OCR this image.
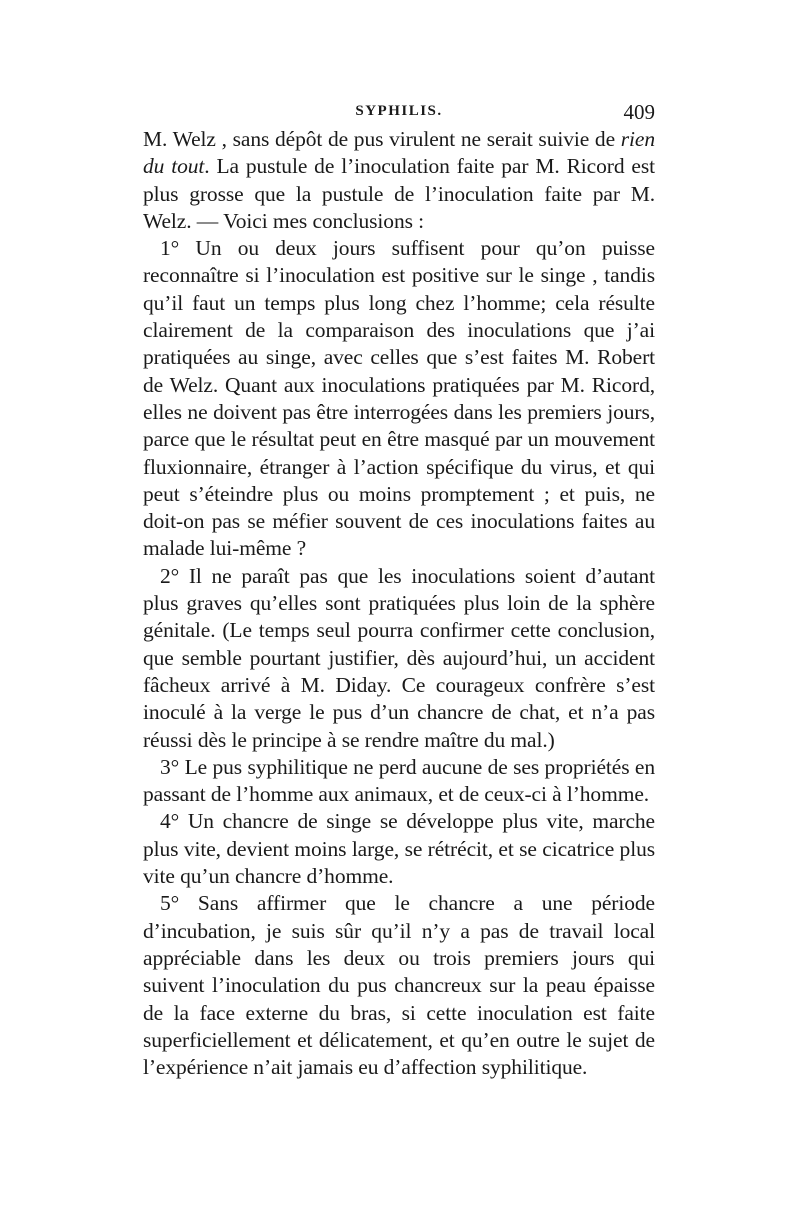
SYPHILIS.	409

M. Welz , sans dépôt de pus virulent ne serait suivie de rien du tout. La pustule de l’inoculation faite par M. Ricord est plus grosse que la pustule de l’inoculation faite par M. Welz. — Voici mes conclusions :

1° Un ou deux jours suffisent pour qu’on puisse reconnaître si l’inoculation est positive sur le singe , tandis qu’il faut un temps plus long chez l’homme; cela résulte clairement de la comparaison des inoculations que j’ai pratiquées au singe, avec celles que s’est faites M. Robert de Welz. Quant aux inoculations pratiquées par M. Ricord, elles ne doivent pas être interrogées dans les premiers jours, parce que le résultat peut en être masqué par un mouvement fluxionnaire, étranger à l’action spécifique du virus, et qui peut s’éteindre plus ou moins promptement ; et puis, ne doit-on pas se méfier souvent de ces inoculations faites au malade lui-même ?

2° Il ne paraît pas que les inoculations soient d’autant plus graves qu’elles sont pratiquées plus loin de la sphère génitale. (Le temps seul pourra confirmer cette conclusion, que semble pourtant justifier, dès aujourd’hui, un accident fâcheux arrivé à M. Diday. Ce courageux confrère s’est inoculé à la verge le pus d’un chancre de chat, et n’a pas réussi dès le principe à se rendre maître du mal.)

3° Le pus syphilitique ne perd aucune de ses propriétés en passant de l’homme aux animaux, et de ceux-ci à l’homme.

4° Un chancre de singe se développe plus vite, marche plus vite, devient moins large, se rétrécit, et se cicatrice plus vite qu’un chancre d’homme.

5° Sans affirmer que le chancre a une période d’incubation, je suis sûr qu’il n’y a pas de travail local appréciable dans les deux ou trois premiers jours qui suivent l’inoculation du pus chancreux sur la peau épaisse de la face externe du bras, si cette inoculation est faite superficiellement et délicatement, et qu’en outre le sujet de l’expérience n’ait jamais eu d’affection syphilitique.
